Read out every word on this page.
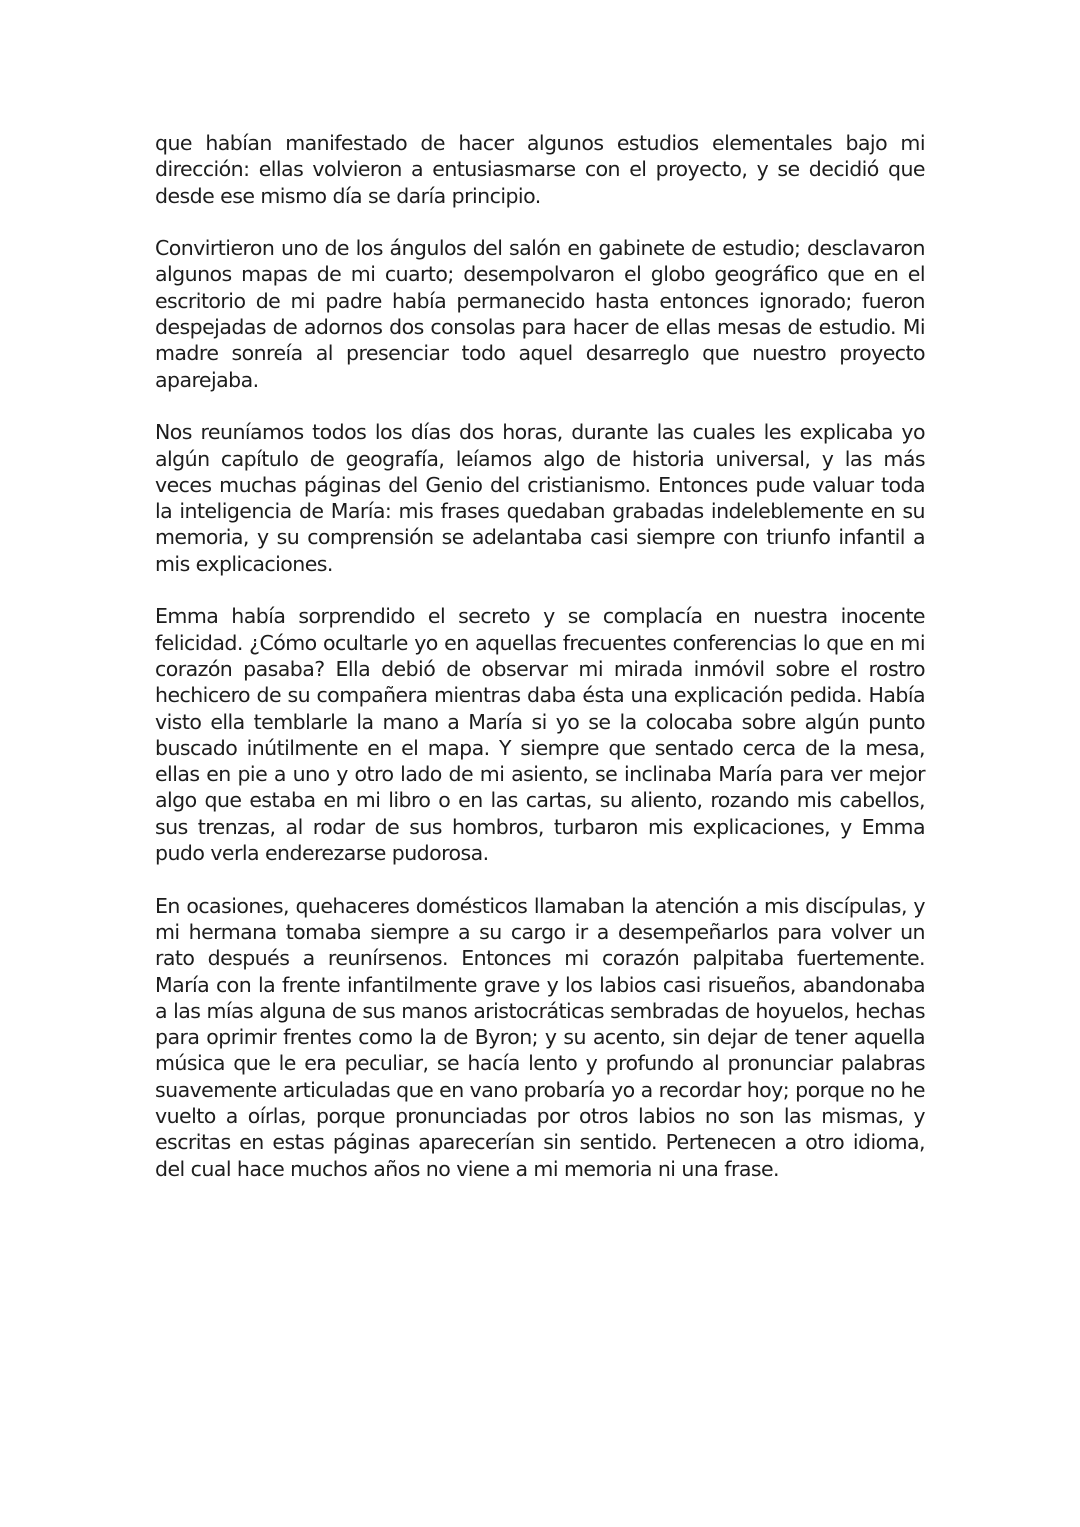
que habían manifestado de hacer algunos estudios elementales bajo mi dirección: ellas volvieron a entusiasmarse con el proyecto, y se decidió que desde ese mismo día se daría principio.

Convirtieron uno de los ángulos del salón en gabinete de estudio; desclavaron algunos mapas de mi cuarto; desempolvaron el globo geográfico que en el escritorio de mi padre había permanecido hasta entonces ignorado; fueron despejadas de adornos dos consolas para hacer de ellas mesas de estudio. Mi madre sonreía al presenciar todo aquel desarreglo que nuestro proyecto aparejaba.

Nos reuníamos todos los días dos horas, durante las cuales les explicaba yo algún capítulo de geografía, leíamos algo de historia universal, y las más veces muchas páginas del Genio del cristianismo. Entonces pude valuar toda la inteligencia de María: mis frases quedaban grabadas indeleblemente en su memoria, y su comprensión se adelantaba casi siempre con triunfo infantil a mis explicaciones.

Emma había sorprendido el secreto y se complacía en nuestra inocente felicidad. ¿Cómo ocultarle yo en aquellas frecuentes conferencias lo que en mi corazón pasaba? Ella debió de observar mi mirada inmóvil sobre el rostro hechicero de su compañera mientras daba ésta una explicación pedida. Había visto ella temblarle la mano a María si yo se la colocaba sobre algún punto buscado inútilmente en el mapa. Y siempre que sentado cerca de la mesa, ellas en pie a uno y otro lado de mi asiento, se inclinaba María para ver mejor algo que estaba en mi libro o en las cartas, su aliento, rozando mis cabellos, sus trenzas, al rodar de sus hombros, turbaron mis explicaciones, y Emma pudo verla enderezarse pudorosa.

En ocasiones, quehaceres domésticos llamaban la atención a mis discípulas, y mi hermana tomaba siempre a su cargo ir a desempeñarlos para volver un rato después a reunírsenos. Entonces mi corazón palpitaba fuertemente. María con la frente infantilmente grave y los labios casi risueños, abandonaba a las mías alguna de sus manos aristocráticas sembradas de hoyuelos, hechas para oprimir frentes como la de Byron; y su acento, sin dejar de tener aquella música que le era peculiar, se hacía lento y profundo al pronunciar palabras suavemente articuladas que en vano probaría yo a recordar hoy; porque no he vuelto a oírlas, porque pronunciadas por otros labios no son las mismas, y escritas en estas páginas aparecerían sin sentido. Pertenecen a otro idioma, del cual hace muchos años no viene a mi memoria ni una frase.
